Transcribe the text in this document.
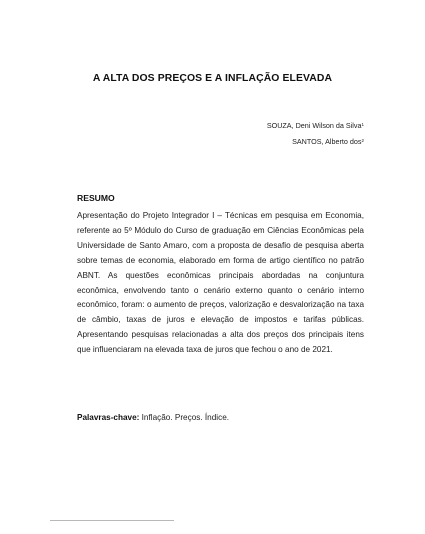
A ALTA DOS PREÇOS E A INFLAÇÃO ELEVADA
SOUZA, Deni Wilson da Silva$^1$
SANTOS, Alberto dos$^2$
RESUMO
Apresentação do Projeto Integrador I – Técnicas em pesquisa em Economia, referente ao 5º Módulo do Curso de graduação em Ciências Econômicas pela Universidade de Santo Amaro, com a proposta de desafio de pesquisa aberta sobre temas de economia, elaborado em forma de artigo científico no patrão ABNT. As questões econômicas principais abordadas na conjuntura econômica, envolvendo tanto o cenário externo quanto o cenário interno econômico, foram: o aumento de preços, valorização e desvalorização na taxa de câmbio, taxas de juros e elevação de impostos e tarifas públicas. Apresentando pesquisas relacionadas a alta dos preços dos principais itens que influenciaram na elevada taxa de juros que fechou o ano de 2021.
Palavras-chave: Inflação. Preços. Índice.
